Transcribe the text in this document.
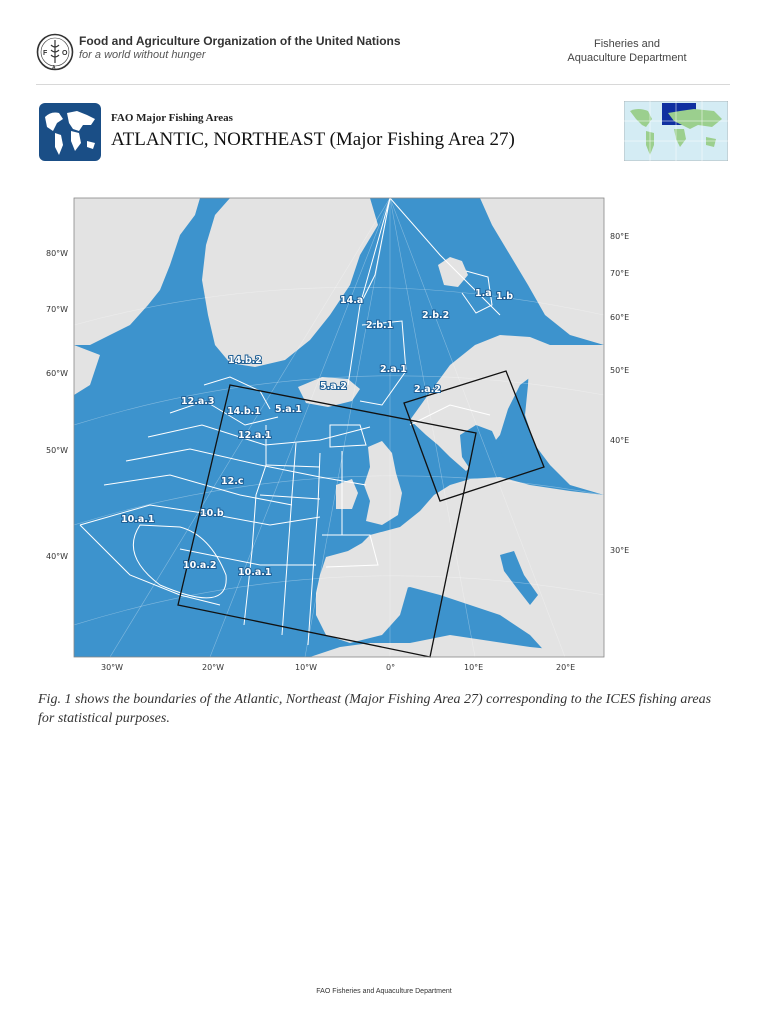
F O
A
Food and Agriculture Organization of the United Nations
for a world without hunger
Fisheries and
Aquaculture Department
FAO Major Fishing Areas
ATLANTIC, NORTHEAST (Major Fishing Area 27)
14.a
1.a 1.b
2.b.2
2.b.1
2.a.1
14.b.2
5.a.2	2.a.2
12.a.3
14.b.1 5.a.1
12.a.1
12.c
10.b
10.a.1
10.a.2
10.a.1
80°W
70°W
60°W
50°W
40°W
80°E
70°E
60°E
50°E
40°E
30°E
30°W	20°W	10°W	0°	10°E	20°E
Fig. 1 shows the boundaries of the Atlantic, Northeast (Major Fishing Area 27) corresponding to the ICES fishing areas for statistical purposes.
FAO Fisheries and Aquaculture Department
